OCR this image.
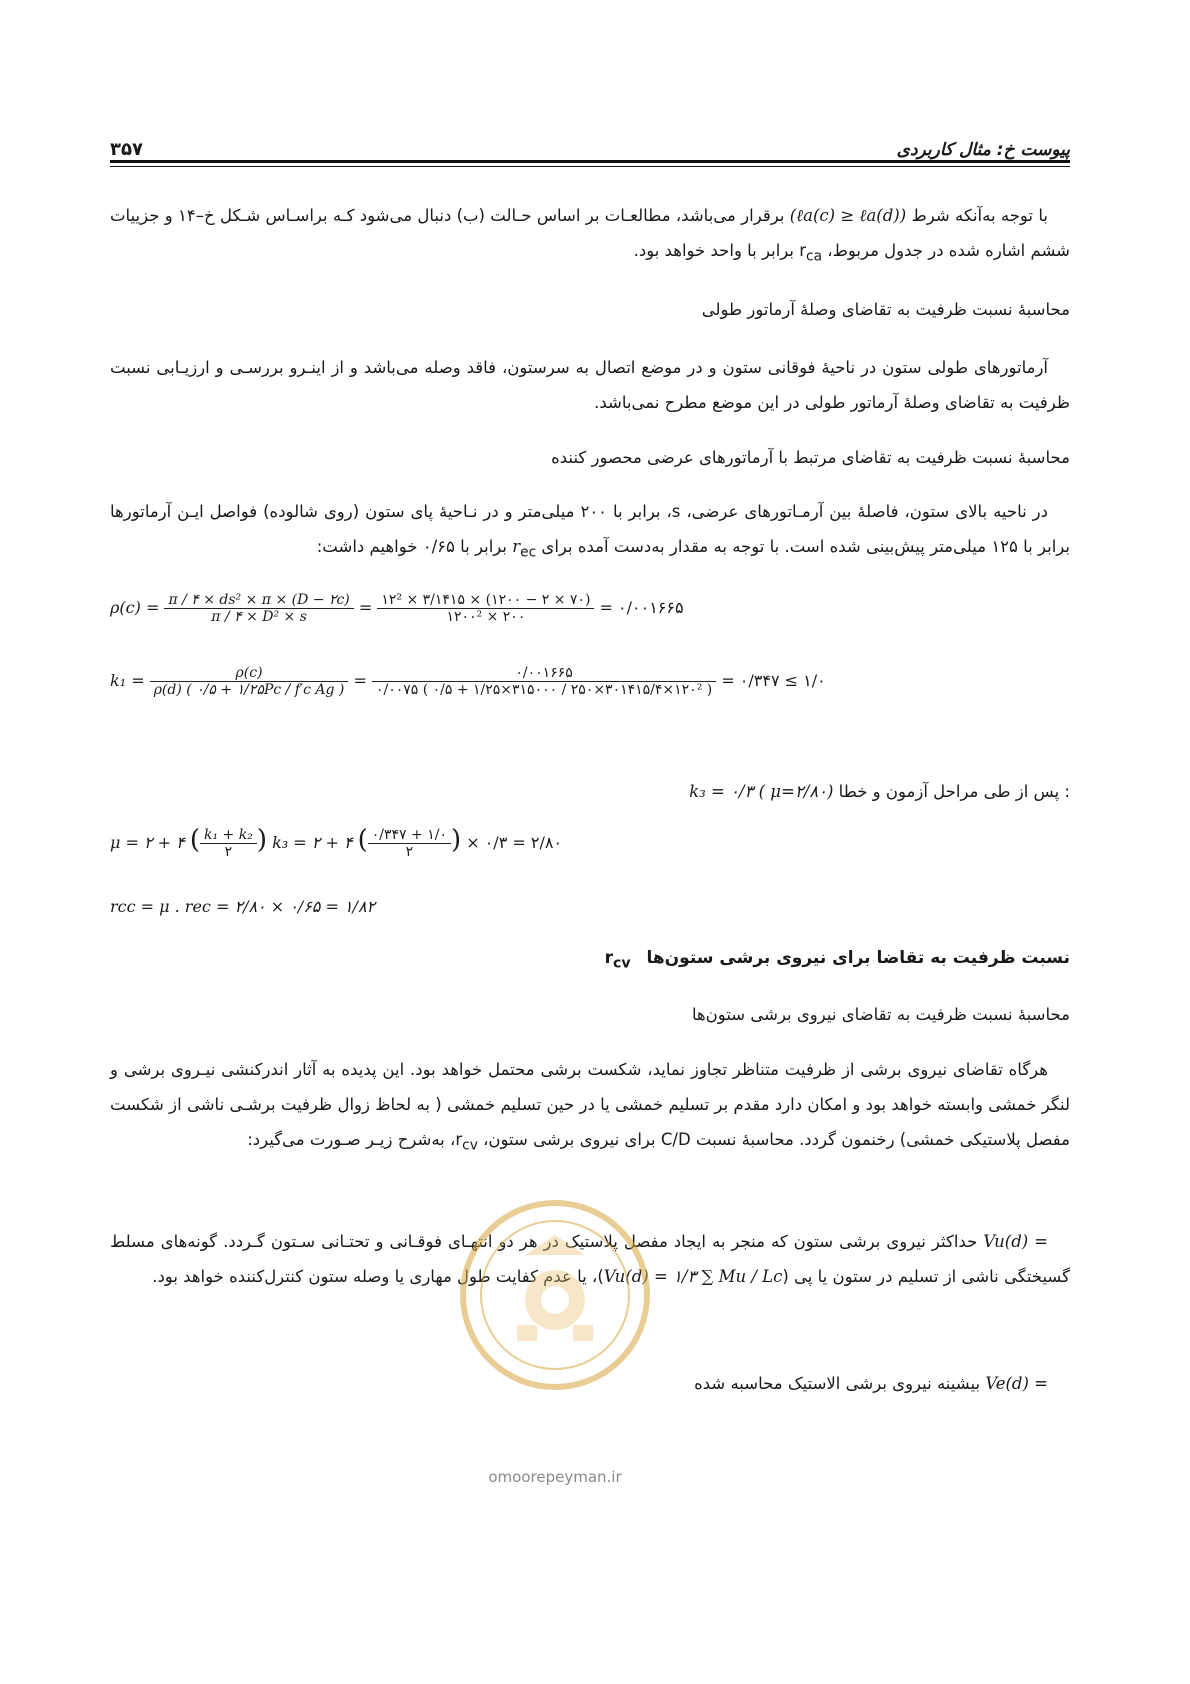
۳۵۷	پیوست خ: مثال کاربردی
با توجه به‌آنکه شرط (ℓa(c) ≥ ℓa(d)) برقرار می‌باشد، مطالعـات بر اساس حـالت (ب) دنبال می‌شود کـه براسـاس شـکل خ–۱۴ و جزییات ششم اشاره شده در جدول مربوط، $r_{ca}$ برابر با واحد خواهد بود.
محاسبهٔ نسبت ظرفیت به تقاضای وصلهٔ آرماتور طولی
آرماتورهای طولی ستون در ناحیهٔ فوقانی ستون و در موضع اتصال به سرستون، فاقد وصله می‌باشد و از اینـرو بررسـی و ارزیـابی نسبت ظرفیت به تقاضای وصلهٔ آرماتور طولی در این موضع مطرح نمی‌باشد.
محاسبهٔ نسبت ظرفیت به تقاضای مرتبط با آرماتورهای عرضی محصور کننده
در ناحیه بالای ستون، فاصلهٔ بین آرمـاتورهای عرضی، s، برابر با ۲۰۰ میلی‌متر و در نـاحیهٔ پای ستون (روی شالوده) فواصل ایـن آرماتورها برابر با ۱۲۵ میلی‌متر پیش‌بینی شده است. با توجه به مقدار به‌دست آمده برای $r_{ec}$ برابر با ۰/۶۵ خواهیم داشت:
$\rho(c) = \frac{\text{π / ۴ × ds² × π × (D − ۲c)}}{\text{π / ۴ × D² × s}} = \frac{\text{۱۲² × ۳/۱۴۱۵ × (۱۲۰۰ − ۲ × ۷۰)}}{\text{۱۲۰۰² × ۲۰۰}}$ = ۰/۰۰۱۶۶۵
$k_1 = \frac{\rho(c)}{\text{ρ(d) ( ۰/۵ + ۱/۲۵Pc / f′c Ag )}} = \frac{۰/۰۰۱۶۶۵}{\text{۰/۰۰۷۵ ( ۰/۵ + ۱/۲۵×۳۱۵۰۰۰ / ۲۵۰×۳۰۱۴۱۵/۴×۱۲۰² )}}$ = ۰/۳۴۷ ≤ ۱/۰
: پس از طی مراحل آزمون و خطا k₃ = ۰/۳ ( μ=۲/۸۰)
μ = ۲ + ۴ ( $\frac{\text{k₁ + k₂}}{۲}$ ) k₃ = ۲ + ۴ ( $\frac{۰/۳۴۷ + ۱/۰}{۲}$ ) × ۰/۳ = ۲/۸۰
rcc = μ . rec = ۲/۸۰ × ۰/۶۵ = ۱/۸۲
نسبت ظرفیت به تقاضا برای نیروی برشی ستون‌ها $r_{cv}$
محاسبهٔ نسبت ظرفیت به تقاضای نیروی برشی ستون‌ها
هرگاه تقاضای نیروی برشی از ظرفیت متناظر تجاوز نماید، شکست برشی محتمل خواهد بود. این پدیده به آثار اندرکنشی نیـروی برشی و لنگر خمشی وابسته خواهد بود و امکان دارد مقدم بر تسلیم خمشی یا در حین تسلیم خمشی ( به لحاظ زوال ظرفیت برشـی ناشی از شکست مفصل پلاستیکی خمشی) رخنمون گردد. محاسبهٔ نسبت C/D برای نیروی برشی ستون، $r_{cv}،$ به‌شرح زیـر صـورت می‌گیرد:
Vu(d) = حداکثر نیروی برشی ستون که منجر به ایجاد مفصل پلاستیک در هر دو انتهـای فوقـانی و تحتـانی سـتون گـردد. گونه‌های مسلط گسیختگی ناشی از تسلیم در ستون یا پی (Vu(d) = ۱/۳ ∑ Mu / Lc)، یا عدم کفایت طول مهاری یا وصله ستون کنترل‌کننده خواهد بود.
Ve(d) = بیشینه نیروی برشی الاستیک محاسبه شده
omoorepeyman.ir
